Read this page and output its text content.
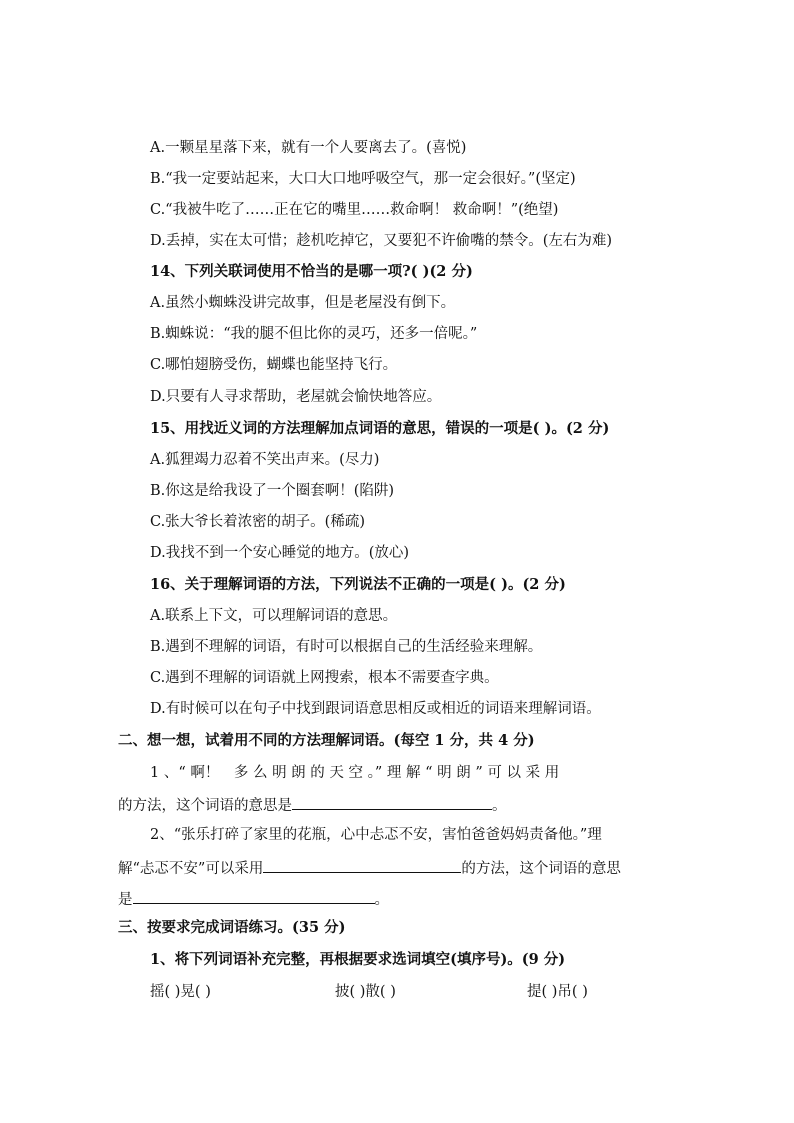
A.一颗星星落下来，就有一个人要离去了。(喜悦)
B.“我一定要站起来，大口大口地呼吸空气，那一定会很好。”(坚定)
C.“我被牛吃了……正在它的嘴里……救命啊！ 救命啊！”(绝望)
D.丢掉，实在太可惜；趁机吃掉它，又要犯不许偷嘴的禁令。(左右为难)
14、下列关联词使用不恰当的是哪一项?( )(2 分)
A.虽然小蜘蛛没讲完故事，但是老屋没有倒下。
B.蜘蛛说：“我的腿不但比你的灵巧，还多一倍呢。”
C.哪怕翅膀受伤，蝴蝶也能坚持飞行。
D.只要有人寻求帮助，老屋就会愉快地答应。
15、用找近义词的方法理解加点词语的意思，错误的一项是( )。(2 分)
A.狐狸竭力忍着不笑出声来。(尽力)
B.你这是给我设了一个圈套啊！(陷阱)
C.张大爷长着浓密的胡子。(稀疏)
D.我找不到一个安心睡觉的地方。(放心)
16、关于理解词语的方法，下列说法不正确的一项是( )。(2 分)
A.联系上下文，可以理解词语的意思。
B.遇到不理解的词语，有时可以根据自己的生活经验来理解。
C.遇到不理解的词语就上网搜索，根本不需要查字典。
D.有时候可以在句子中找到跟词语意思相反或相近的词语来理解词语。
二、想一想，试着用不同的方法理解词语。(每空 1 分，共 4 分)
1 、“ 啊！　多 么 明 朗 的 天 空 。” 理 解 “ 明 朗 ” 可 以 采 用
的方法，这个词语的意思是	。
2、“张乐打碎了家里的花瓶，心中忐忑不安，害怕爸爸妈妈责备他。”理
解“忐忑不安”可以采用	的方法，这个词语的意思
是	。
三、按要求完成词语练习。(35 分)
1、将下列词语补充完整，再根据要求选词填空(填序号)。(9 分)
摇( )晃( )	披( )散( )	提( )吊( )
